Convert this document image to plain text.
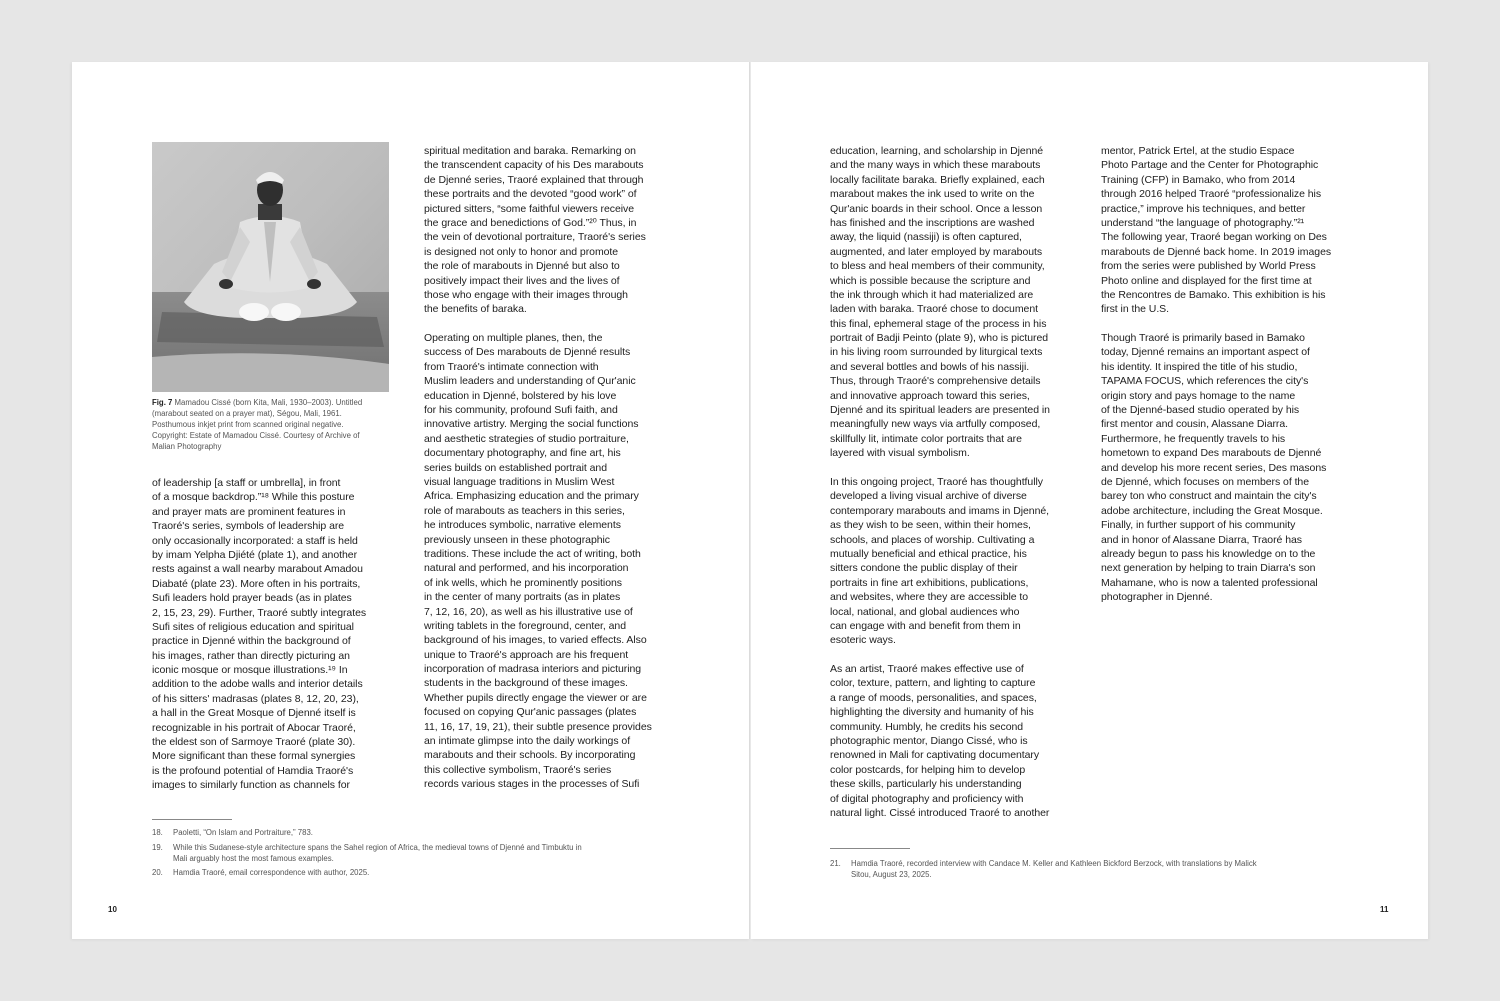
Fig. 7 Mamadou Cissé (born Kita, Mali, 1930–2003). Untitled
(marabout seated on a prayer mat), Ségou, Mali, 1961.
Posthumous inkjet print from scanned original negative.
Copyright: Estate of Mamadou Cissé. Courtesy of Archive of
Malian Photography
of leadership [a staff or umbrella], in front
of a mosque backdrop.”¹⁸ While this posture
and prayer mats are prominent features in
Traoré's series, symbols of leadership are
only occasionally incorporated: a staff is held
by imam Yelpha Djiété (plate 1), and another
rests against a wall nearby marabout Amadou
Diabaté (plate 23). More often in his portraits,
Sufi leaders hold prayer beads (as in plates
2, 15, 23, 29). Further, Traoré subtly integrates
Sufi sites of religious education and spiritual
practice in Djenné within the background of
his images, rather than directly picturing an
iconic mosque or mosque illustrations.¹⁹ In
addition to the adobe walls and interior details
of his sitters' madrasas (plates 8, 12, 20, 23),
a hall in the Great Mosque of Djenné itself is
recognizable in his portrait of Abocar Traoré,
the eldest son of Sarmoye Traoré (plate 30).
More significant than these formal synergies
is the profound potential of Hamdia Traoré's
images to similarly function as channels for
spiritual meditation and baraka. Remarking on
the transcendent capacity of his Des marabouts
de Djenné series, Traoré explained that through
these portraits and the devoted “good work” of
pictured sitters, “some faithful viewers receive
the grace and benedictions of God.”²⁰ Thus, in
the vein of devotional portraiture, Traoré's series
is designed not only to honor and promote
the role of marabouts in Djenné but also to
positively impact their lives and the lives of
those who engage with their images through
the benefits of baraka.
Operating on multiple planes, then, the
success of Des marabouts de Djenné results
from Traoré's intimate connection with
Muslim leaders and understanding of Qur'anic
education in Djenné, bolstered by his love
for his community, profound Sufi faith, and
innovative artistry. Merging the social functions
and aesthetic strategies of studio portraiture,
documentary photography, and fine art, his
series builds on established portrait and
visual language traditions in Muslim West
Africa. Emphasizing education and the primary
role of marabouts as teachers in this series,
he introduces symbolic, narrative elements
previously unseen in these photographic
traditions. These include the act of writing, both
natural and performed, and his incorporation
of ink wells, which he prominently positions
in the center of many portraits (as in plates
7, 12, 16, 20), as well as his illustrative use of
writing tablets in the foreground, center, and
background of his images, to varied effects. Also
unique to Traoré's approach are his frequent
incorporation of madrasa interiors and picturing
students in the background of these images.
Whether pupils directly engage the viewer or are
focused on copying Qur'anic passages (plates
11, 16, 17, 19, 21), their subtle presence provides
an intimate glimpse into the daily workings of
marabouts and their schools. By incorporating
this collective symbolism, Traoré's series
records various stages in the processes of Sufi
18. Paoletti, “On Islam and Portraiture,” 783.
19. While this Sudanese-style architecture spans the Sahel region of Africa, the medieval towns of Djenné and Timbuktu in
Mali arguably host the most famous examples.
20. Hamdia Traoré, email correspondence with author, 2025.
10
education, learning, and scholarship in Djenné
and the many ways in which these marabouts
locally facilitate baraka. Briefly explained, each
marabout makes the ink used to write on the
Qur'anic boards in their school. Once a lesson
has finished and the inscriptions are washed
away, the liquid (nassiji) is often captured,
augmented, and later employed by marabouts
to bless and heal members of their community,
which is possible because the scripture and
the ink through which it had materialized are
laden with baraka. Traoré chose to document
this final, ephemeral stage of the process in his
portrait of Badji Peinto (plate 9), who is pictured
in his living room surrounded by liturgical texts
and several bottles and bowls of his nassiji.
Thus, through Traoré's comprehensive details
and innovative approach toward this series,
Djenné and its spiritual leaders are presented in
meaningfully new ways via artfully composed,
skillfully lit, intimate color portraits that are
layered with visual symbolism.
In this ongoing project, Traoré has thoughtfully
developed a living visual archive of diverse
contemporary marabouts and imams in Djenné,
as they wish to be seen, within their homes,
schools, and places of worship. Cultivating a
mutually beneficial and ethical practice, his
sitters condone the public display of their
portraits in fine art exhibitions, publications,
and websites, where they are accessible to
local, national, and global audiences who
can engage with and benefit from them in
esoteric ways.
As an artist, Traoré makes effective use of
color, texture, pattern, and lighting to capture
a range of moods, personalities, and spaces,
highlighting the diversity and humanity of his
community. Humbly, he credits his second
photographic mentor, Diango Cissé, who is
renowned in Mali for captivating documentary
color postcards, for helping him to develop
these skills, particularly his understanding
of digital photography and proficiency with
natural light. Cissé introduced Traoré to another
mentor, Patrick Ertel, at the studio Espace
Photo Partage and the Center for Photographic
Training (CFP) in Bamako, who from 2014
through 2016 helped Traoré “professionalize his
practice,” improve his techniques, and better
understand “the language of photography.”²¹
The following year, Traoré began working on Des
marabouts de Djenné back home. In 2019 images
from the series were published by World Press
Photo online and displayed for the first time at
the Rencontres de Bamako. This exhibition is his
first in the U.S.
Though Traoré is primarily based in Bamako
today, Djenné remains an important aspect of
his identity. It inspired the title of his studio,
TAPAMA FOCUS, which references the city's
origin story and pays homage to the name
of the Djenné-based studio operated by his
first mentor and cousin, Alassane Diarra.
Furthermore, he frequently travels to his
hometown to expand Des marabouts de Djenné
and develop his more recent series, Des masons
de Djenné, which focuses on members of the
barey ton who construct and maintain the city's
adobe architecture, including the Great Mosque.
Finally, in further support of his community
and in honor of Alassane Diarra, Traoré has
already begun to pass his knowledge on to the
next generation by helping to train Diarra's son
Mahamane, who is now a talented professional
photographer in Djenné.
21. Hamdia Traoré, recorded interview with Candace M. Keller and Kathleen Bickford Berzock, with translations by Malick
Sitou, August 23, 2025.
11
